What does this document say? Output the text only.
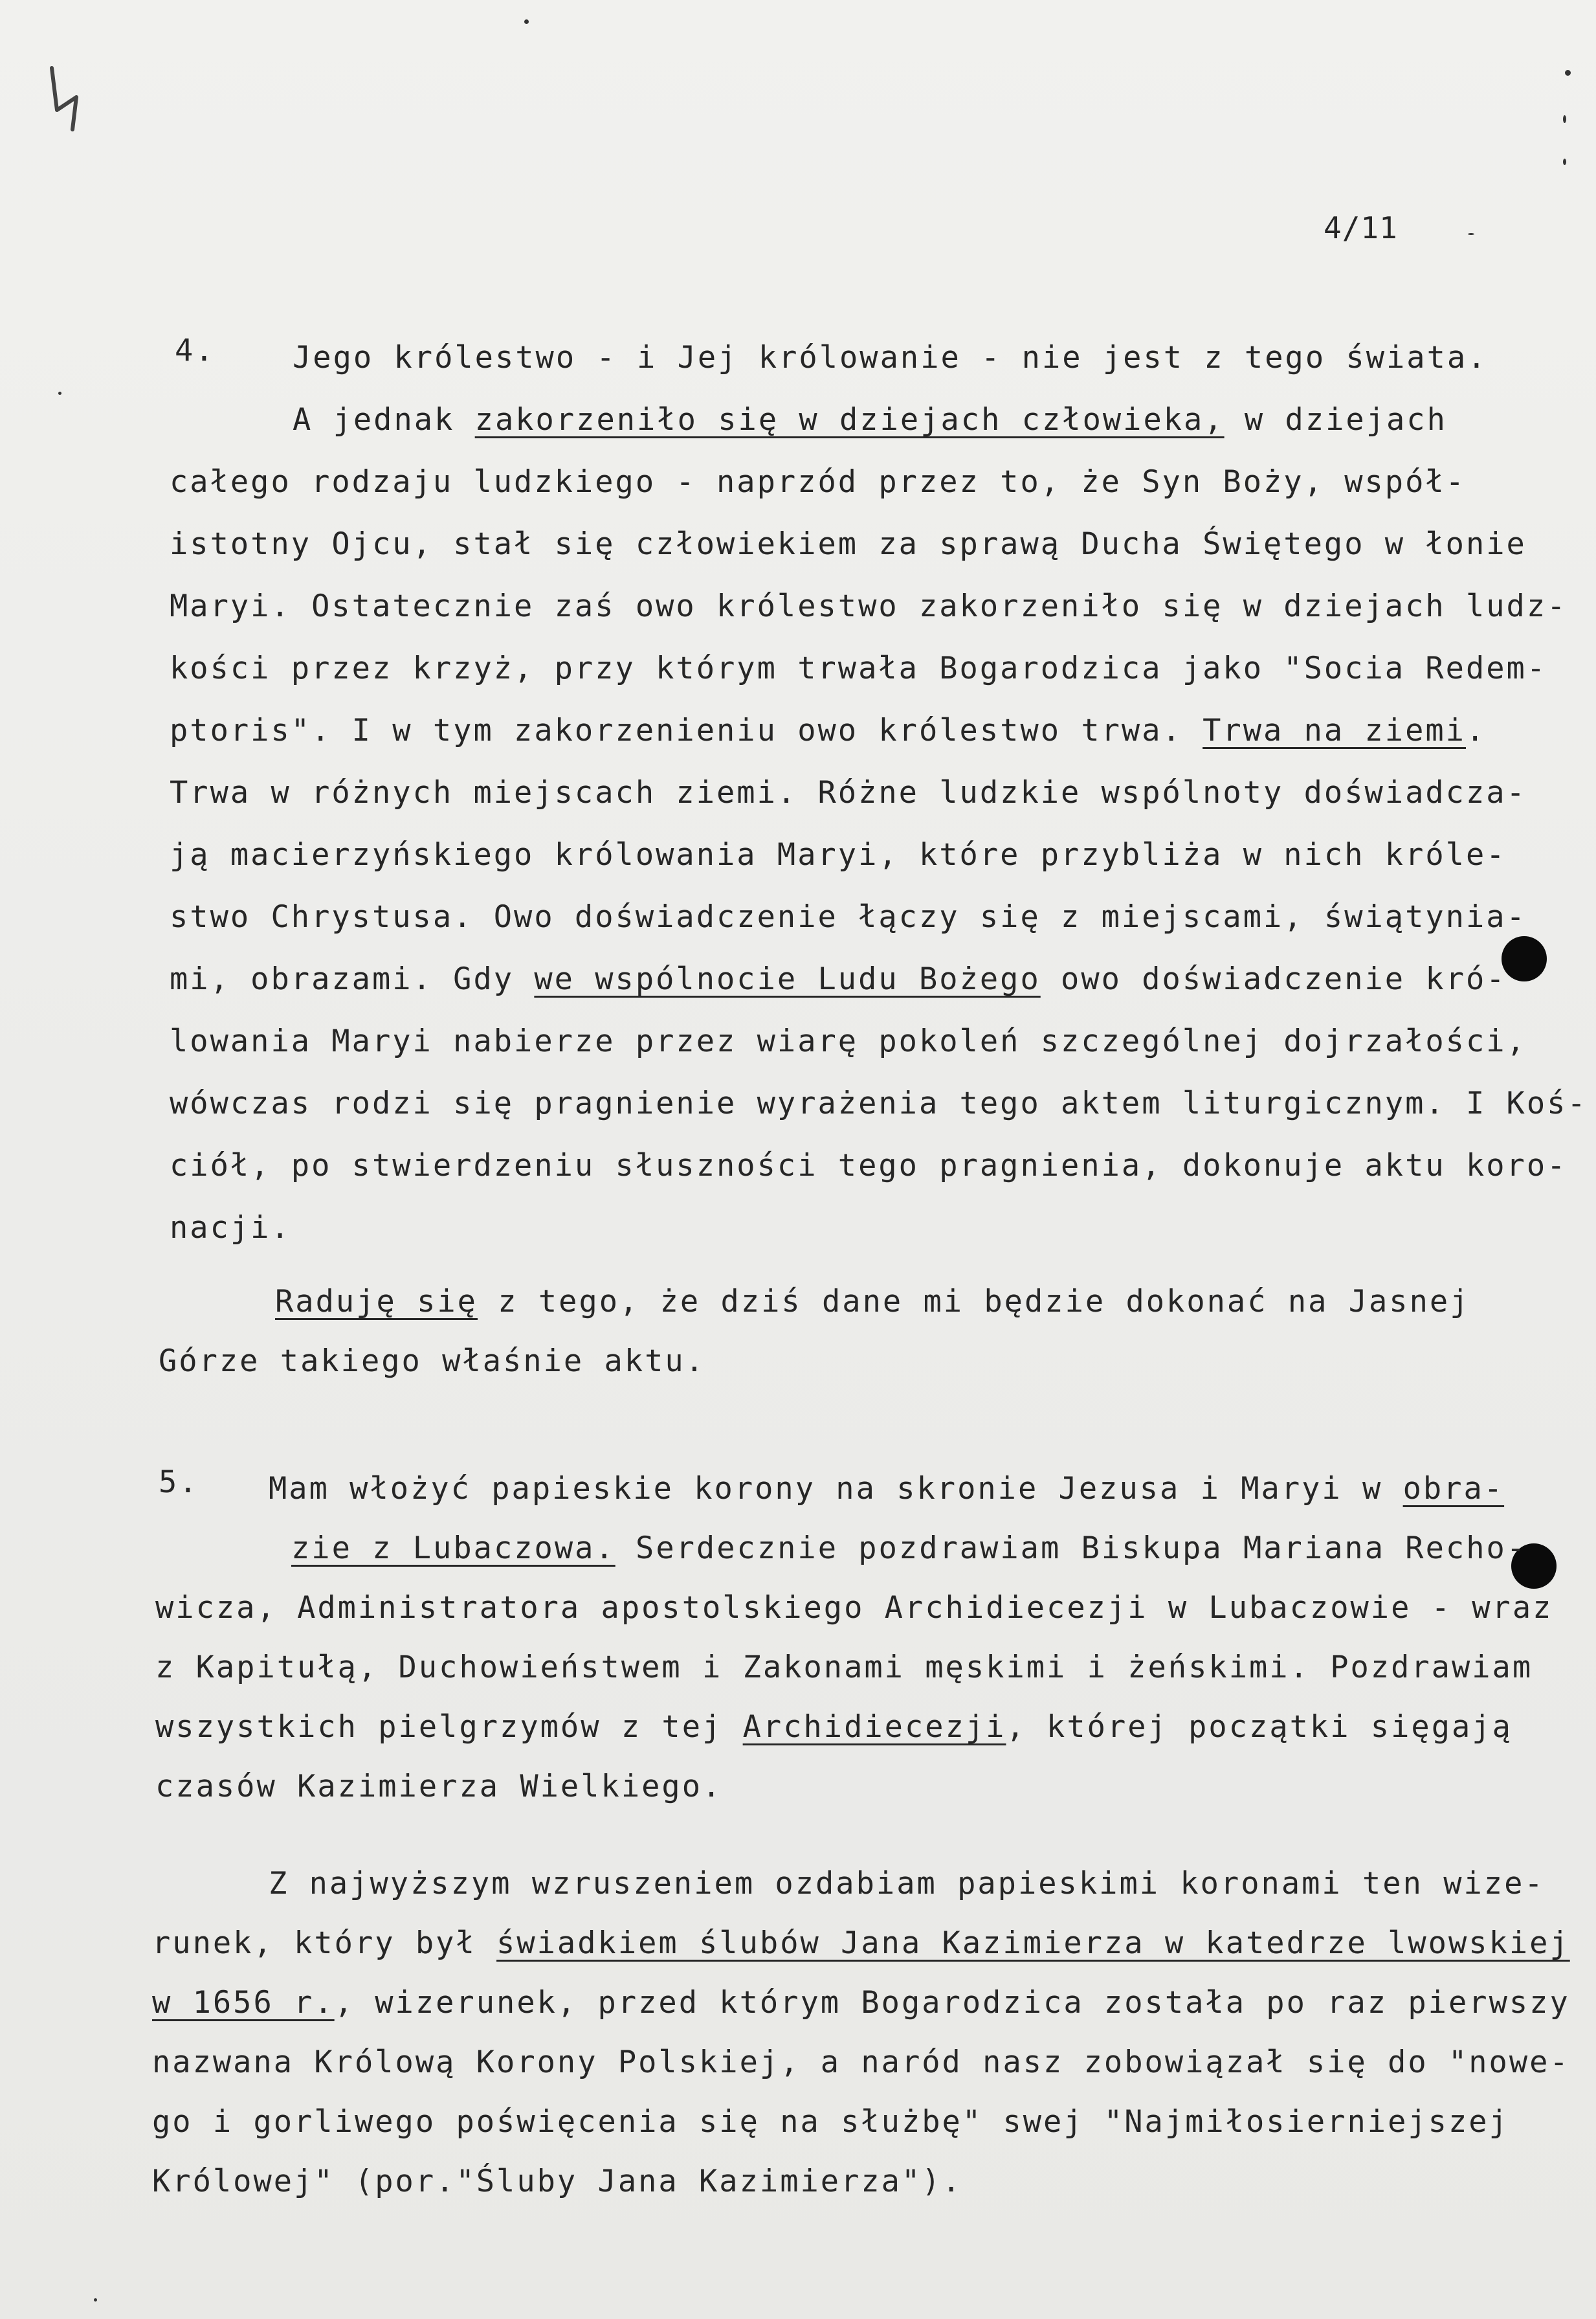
4/11
4.	Jego królestwo - i Jej królowanie - nie jest z tego świata.
A jednak zakorzeniło się w dziejach człowieka, w dziejach
całego rodzaju ludzkiego - naprzód przez to, że Syn Boży, współ-
istotny Ojcu, stał się człowiekiem za sprawą Ducha Świętego w łonie
Maryi. Ostatecznie zaś owo królestwo zakorzeniło się w dziejach ludz-
kości przez krzyż, przy którym trwała Bogarodzica jako "Socia Redem-
ptoris". I w tym zakorzenieniu owo królestwo trwa. Trwa na ziemi.
Trwa w różnych miejscach ziemi. Różne ludzkie wspólnoty doświadcza-
ją macierzyńskiego królowania Maryi, które przybliża w nich króle-
stwo Chrystusa. Owo doświadczenie łączy się z miejscami, świątynia-
mi, obrazami. Gdy we wspólnocie Ludu Bożego owo doświadczenie kró-
lowania Maryi nabierze przez wiarę pokoleń szczególnej dojrzałości,
wówczas rodzi się pragnienie wyrażenia tego aktem liturgicznym. I Koś-
ciół, po stwierdzeniu słuszności tego pragnienia, dokonuje aktu koro-
nacji.
Raduję się z tego, że dziś dane mi będzie dokonać na Jasnej
Górze takiego właśnie aktu.
5.	Mam włożyć papieskie korony na skronie Jezusa i Maryi w obra-
zie z Lubaczowa. Serdecznie pozdrawiam Biskupa Mariana Recho-
wicza, Administratora apostolskiego Archidiecezji w Lubaczowie - wraz
z Kapitułą, Duchowieństwem i Zakonami męskimi i żeńskimi. Pozdrawiam
wszystkich pielgrzymów z tej Archidiecezji, której początki sięgają
czasów Kazimierza Wielkiego.
Z najwyższym wzruszeniem ozdabiam papieskimi koronami ten wize-
runek, który był świadkiem ślubów Jana Kazimierza w katedrze lwowskiej
w 1656 r., wizerunek, przed którym Bogarodzica została po raz pierwszy
nazwana Królową Korony Polskiej, a naród nasz zobowiązał się do "nowe-
go i gorliwego poświęcenia się na służbę" swej "Najmiłosierniejszej
Królowej" (por."Śluby Jana Kazimierza").
